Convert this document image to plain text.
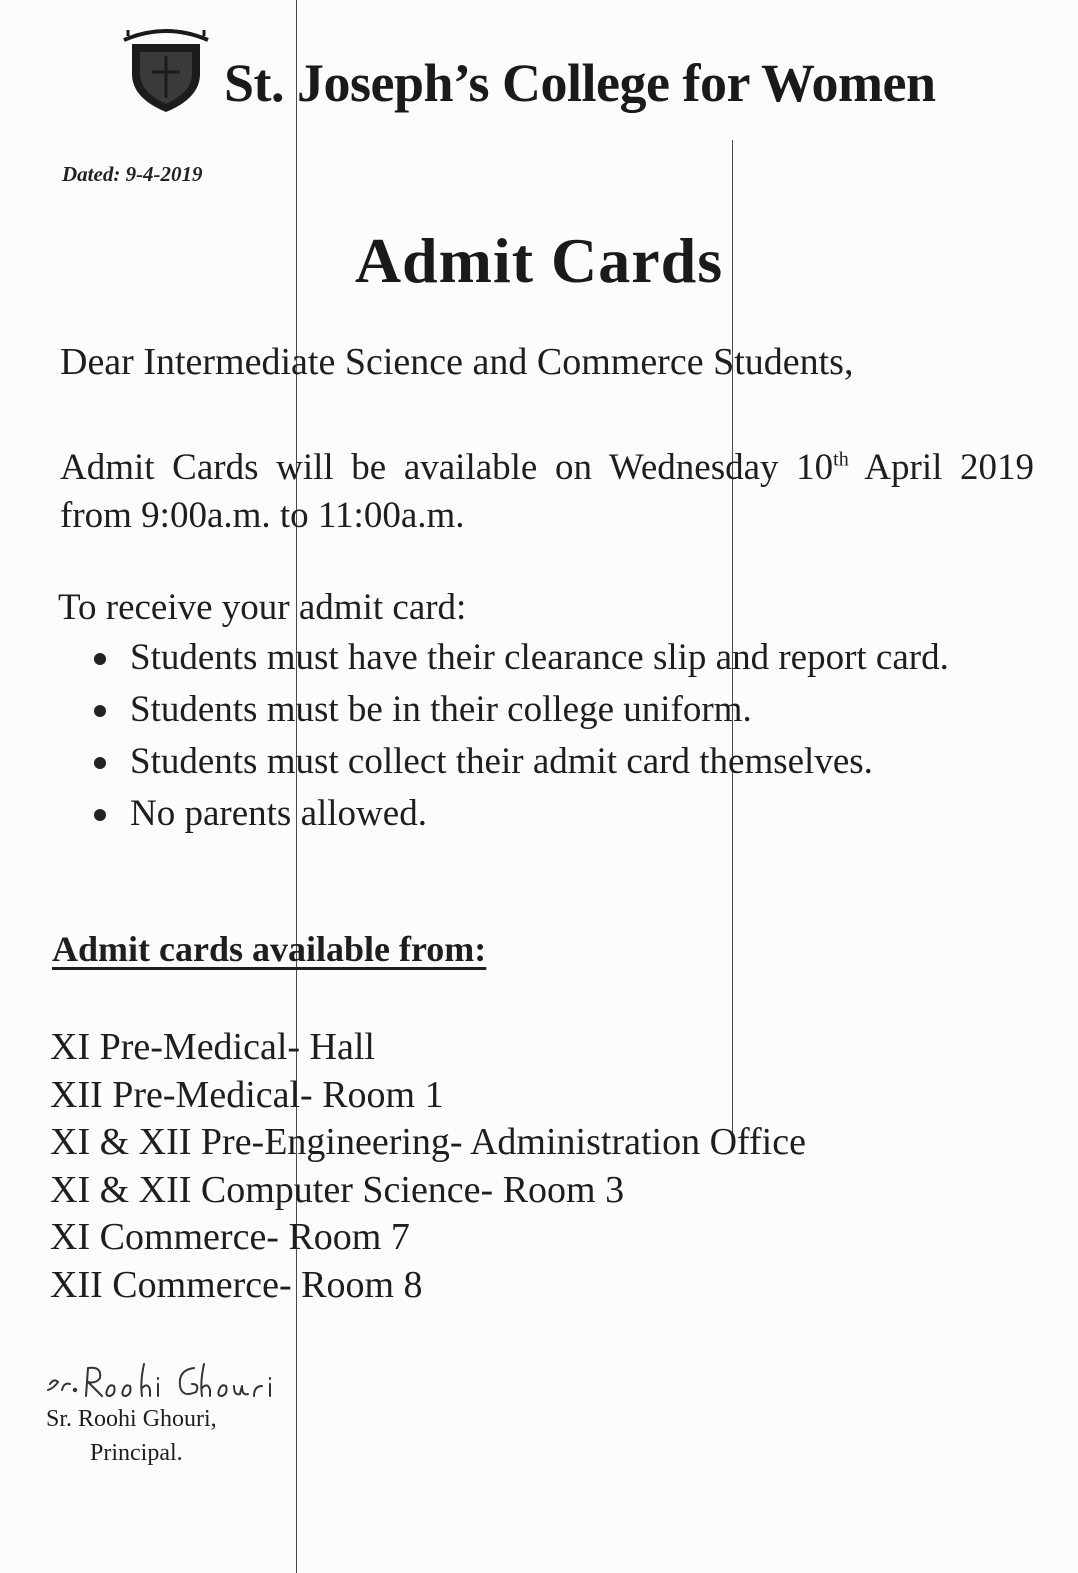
St. Joseph’s College for Women
Dated: 9-4-2019
Admit Cards
Dear Intermediate Science and Commerce Students,
Admit Cards will be available on Wednesday 10th April 2019 from 9:00a.m. to 11:00a.m.
To receive your admit card:
Students must have their clearance slip and report card.
Students must be in their college uniform.
Students must collect their admit card themselves.
No parents allowed.
Admit cards available from:
XI Pre-Medical- Hall
XII Pre-Medical- Room 1
XI & XII Pre-Engineering- Administration Office
XI & XII Computer Science- Room 3
XI Commerce- Room 7
XII Commerce- Room 8
Sr. Roohi Ghouri,
Principal.
